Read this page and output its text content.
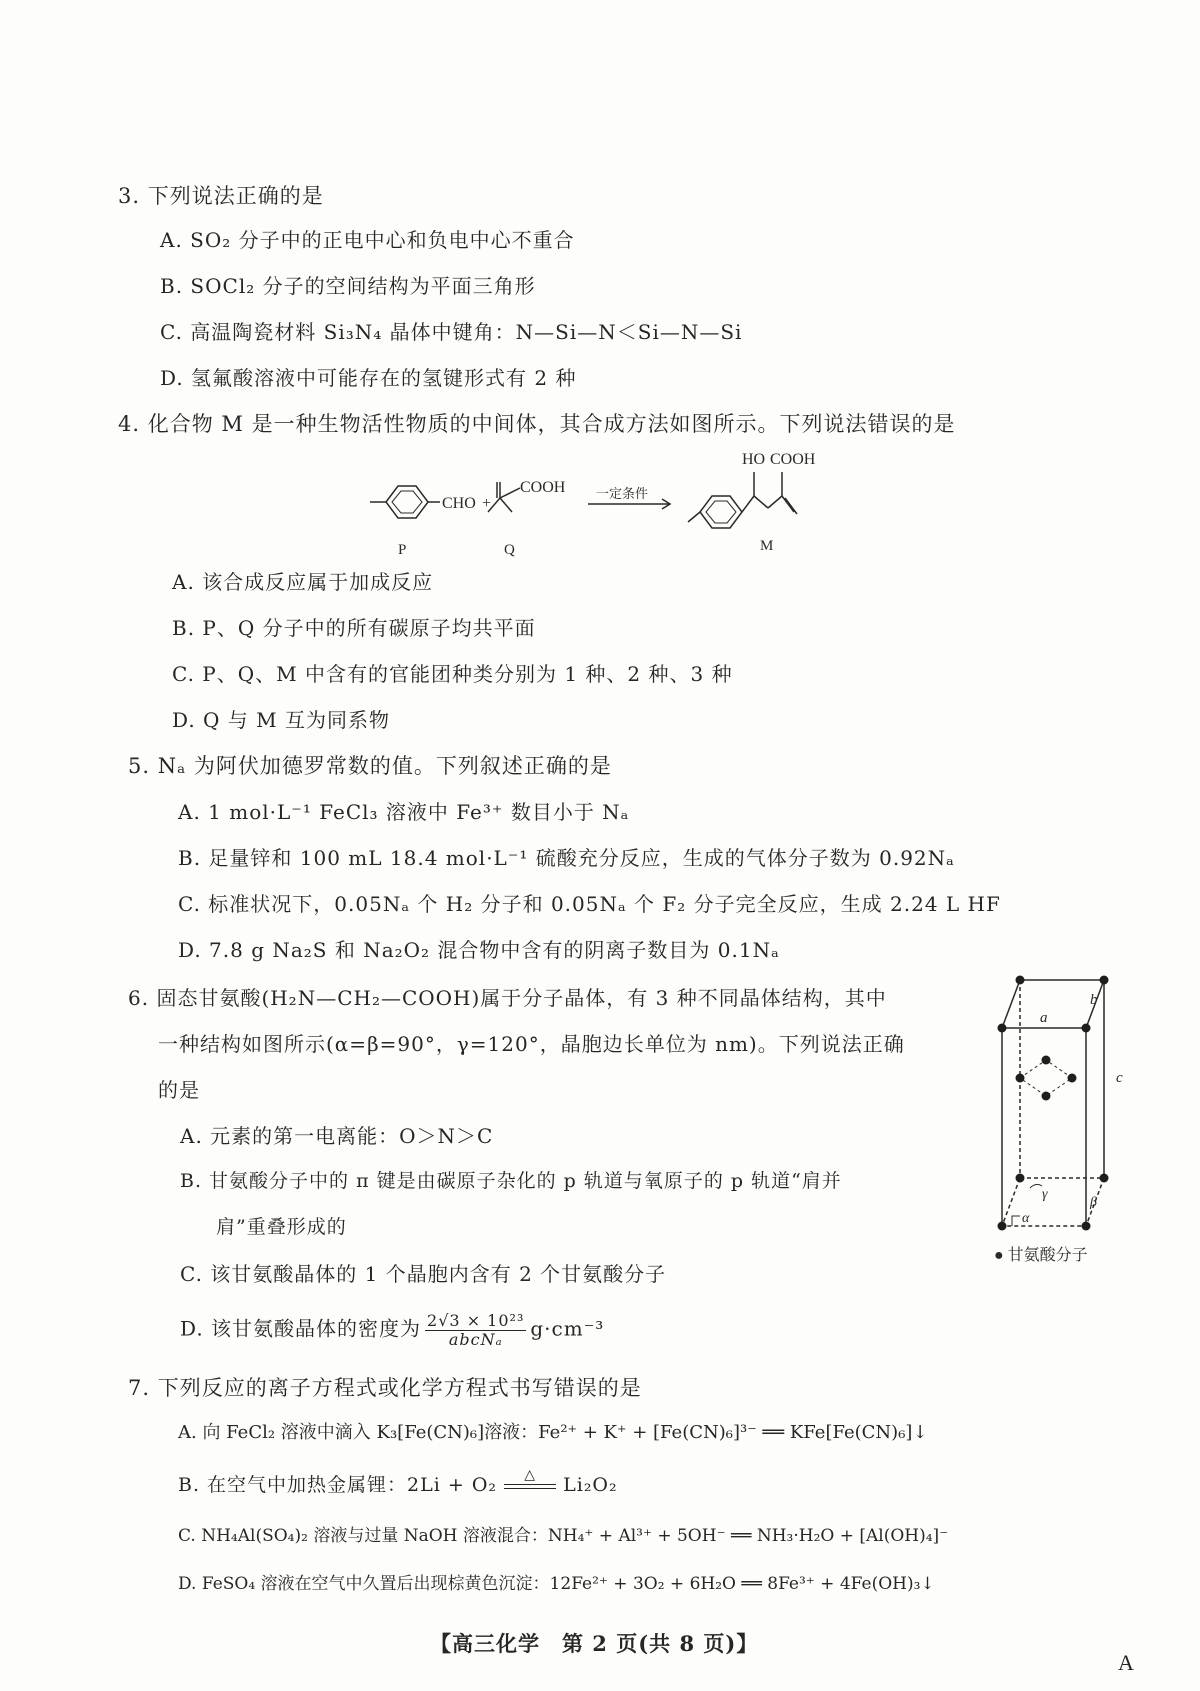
3. 下列说法正确的是
A. SO₂ 分子中的正电中心和负电中心不重合
B. SOCl₂ 分子的空间结构为平面三角形
C. 高温陶瓷材料 Si₃N₄ 晶体中键角：N—Si—N＜Si—N—Si
D. 氢氟酸溶液中可能存在的氢键形式有 2 种
4. 化合物 M 是一种生物活性物质的中间体，其合成方法如图所示。下列说法错误的是
CHO +
COOH 一定条件
HO COOH
P	Q	M
A. 该合成反应属于加成反应
B. P、Q 分子中的所有碳原子均共平面
C. P、Q、M 中含有的官能团种类分别为 1 种、2 种、3 种
D. Q 与 M 互为同系物
5. Nₐ 为阿伏加德罗常数的值。下列叙述正确的是
A. 1 mol·L⁻¹ FeCl₃ 溶液中 Fe³⁺ 数目小于 Nₐ
B. 足量锌和 100 mL 18.4 mol·L⁻¹ 硫酸充分反应，生成的气体分子数为 0.92Nₐ
C. 标准状况下，0.05Nₐ 个 H₂ 分子和 0.05Nₐ 个 F₂ 分子完全反应，生成 2.24 L HF
D. 7.8 g Na₂S 和 Na₂O₂ 混合物中含有的阴离子数目为 0.1Nₐ
6. 固态甘氨酸(H₂N—CH₂—COOH)属于分子晶体，有 3 种不同晶体结构，其中
一种结构如图所示(α=β=90°，γ=120°，晶胞边长单位为 nm)。下列说法正确
的是
A. 元素的第一电离能：O＞N＞C
B. 甘氨酸分子中的 π 键是由碳原子杂化的 p 轨道与氧原子的 p 轨道“肩并
肩”重叠形成的
C. 该甘氨酸晶体的 1 个晶胞内含有 2 个甘氨酸分子
D. 该甘氨酸晶体的密度为 $\frac{\text{2√3 × 10²³}}{\text{abcNₐ}} g\cdot cm^{-3}$
a
b
c
α
β
γ
● 甘氨酸分子
7. 下列反应的离子方程式或化学方程式书写错误的是
A. 向 FeCl₂ 溶液中滴入 K₃[Fe(CN)₆]溶液：Fe²⁺ + K⁺ + [Fe(CN)₆]³⁻ ══ KFe[Fe(CN)₆]↓
B. 在空气中加热金属锂：2Li + O₂	△	Li₂O₂
C. NH₄Al(SO₄)₂ 溶液与过量 NaOH 溶液混合：NH₄⁺ + Al³⁺ + 5OH⁻ ══ NH₃·H₂O + [Al(OH)₄]⁻
D. FeSO₄ 溶液在空气中久置后出现棕黄色沉淀：12Fe²⁺ + 3O₂ + 6H₂O ══ 8Fe³⁺ + 4Fe(OH)₃↓
【高三化学　第 2 页(共 8 页)】
A
